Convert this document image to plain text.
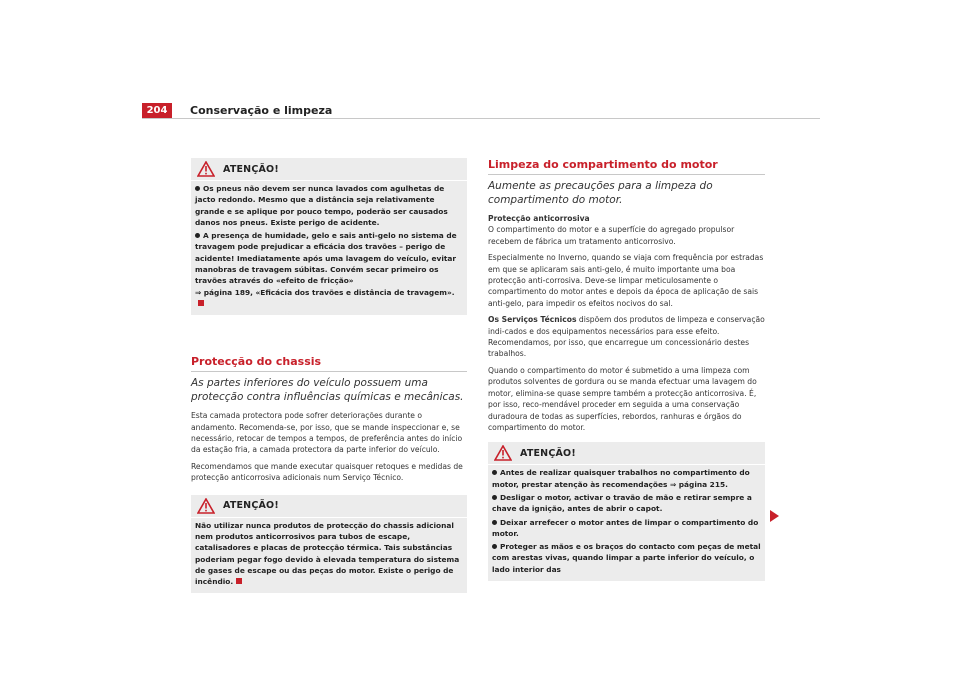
204	Conservação e limpeza
ATENÇÃO!

Os pneus não devem ser nunca lavados com agulhetas de jacto redondo. Mesmo que a distância seja relativamente grande e se aplique por pouco tempo, poderão ser causados danos nos pneus. Existe perigo de acidente.

A presença de humidade, gelo e sais anti-gelo no sistema de travagem pode prejudicar a eficácia dos travões – perigo de acidente! Imediatamente após uma lavagem do veículo, evitar manobras de travagem súbitas. Convém secar primeiro os travões através do «efeito de fricção»
⇒ página 189, «Eficácia dos travões e distância de travagem».

Protecção do chassis
As partes inferiores do veículo possuem uma protecção contra influências químicas e mecânicas.

Esta camada protectora pode sofrer deteriorações durante o andamento. Recomenda-se, por isso, que se mande inspeccionar e, se necessário, retocar de tempos a tempos, de preferência antes do início da estação fria, a camada protectora da parte inferior do veículo.

Recomendamos que mande executar quaisquer retoques e medidas de protecção anticorrosiva adicionais num Serviço Técnico.

ATENÇÃO!

Não utilizar nunca produtos de protecção do chassis adicional nem produtos anticorrosivos para tubos de escape, catalisadores e placas de protecção térmica. Tais substâncias poderiam pegar fogo devido à elevada temperatura do sistema de gases de escape ou das peças do motor. Existe o perigo de incêndio.

Limpeza do compartimento do motor
Aumente as precauções para a limpeza do compartimento do motor.

Protecção anticorrosiva

O compartimento do motor e a superfície do agregado propulsor recebem de fábrica um tratamento anticorrosivo.

Especialmente no Inverno, quando se viaja com frequência por estradas em que se aplicaram sais anti-gelo, é muito importante uma boa protecção anti-corrosiva. Deve-se limpar meticulosamente o compartimento do motor antes e depois da época de aplicação de sais anti-gelo, para impedir os efeitos nocivos do sal.

Os Serviços Técnicos dispõem dos produtos de limpeza e conservação indi-cados e dos equipamentos necessários para esse efeito. Recomendamos, por isso, que encarregue um concessionário destes trabalhos.

Quando o compartimento do motor é submetido a uma limpeza com produtos solventes de gordura ou se manda efectuar uma lavagem do motor, elimina-se quase sempre também a protecção anticorrosiva. É, por isso, reco-mendável proceder em seguida a uma conservação duradoura de todas as superfícies, rebordos, ranhuras e órgãos do compartimento do motor.

ATENÇÃO!

Antes de realizar quaisquer trabalhos no compartimento do motor, prestar atenção às recomendações ⇒ página 215.

Desligar o motor, activar o travão de mão e retirar sempre a chave da ignição, antes de abrir o capot.

Deixar arrefecer o motor antes de limpar o compartimento do motor.

Proteger as mãos e os braços do contacto com peças de metal com arestas vivas, quando limpar a parte inferior do veículo, o lado interior das
